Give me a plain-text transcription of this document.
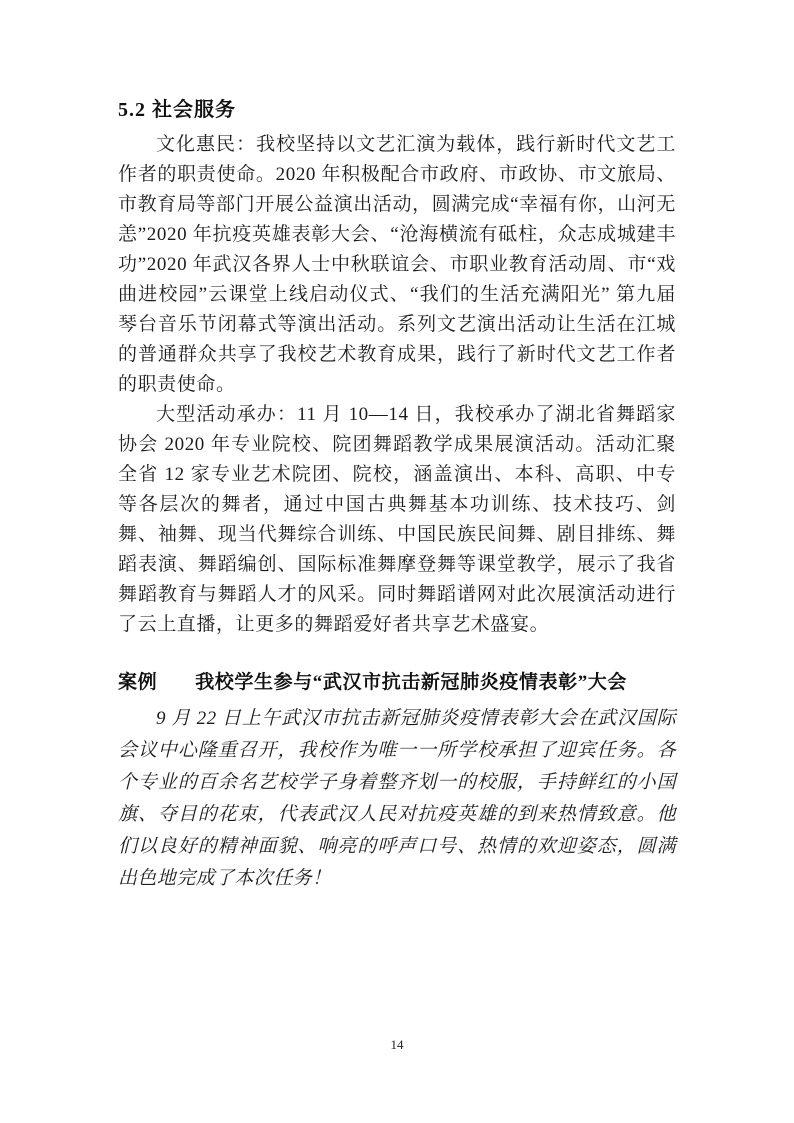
5.2 社会服务

文化惠民：我校坚持以文艺汇演为载体，践行新时代文艺工作者的职责使命。2020 年积极配合市政府、市政协、市文旅局、市教育局等部门开展公益演出活动，圆满完成“幸福有你，山河无恙”2020 年抗疫英雄表彰大会、“沧海横流有砥柱，众志成城建丰功”2020 年武汉各界人士中秋联谊会、市职业教育活动周、市“戏曲进校园”云课堂上线启动仪式、“我们的生活充满阳光” 第九届琴台音乐节闭幕式等演出活动。系列文艺演出活动让生活在江城的普通群众共享了我校艺术教育成果，践行了新时代文艺工作者的职责使命。

大型活动承办：11 月 10—14 日，我校承办了湖北省舞蹈家协会 2020 年专业院校、院团舞蹈教学成果展演活动。活动汇聚全省 12 家专业艺术院团、院校，涵盖演出、本科、高职、中专等各层次的舞者，通过中国古典舞基本功训练、技术技巧、剑舞、袖舞、现当代舞综合训练、中国民族民间舞、剧目排练、舞蹈表演、舞蹈编创、国际标准舞摩登舞等课堂教学，展示了我省舞蹈教育与舞蹈人才的风采。同时舞蹈谱网对此次展演活动进行了云上直播，让更多的舞蹈爱好者共享艺术盛宴。

案例 我校学生参与“武汉市抗击新冠肺炎疫情表彰”大会

9 月 22 日上午武汉市抗击新冠肺炎疫情表彰大会在武汉国际会议中心隆重召开，我校作为唯一一所学校承担了迎宾任务。各个专业的百余名艺校学子身着整齐划一的校服，手持鲜红的小国旗、夺目的花束，代表武汉人民对抗疫英雄的到来热情致意。他们以良好的精神面貌、响亮的呼声口号、热情的欢迎姿态，圆满出色地完成了本次任务！

14
